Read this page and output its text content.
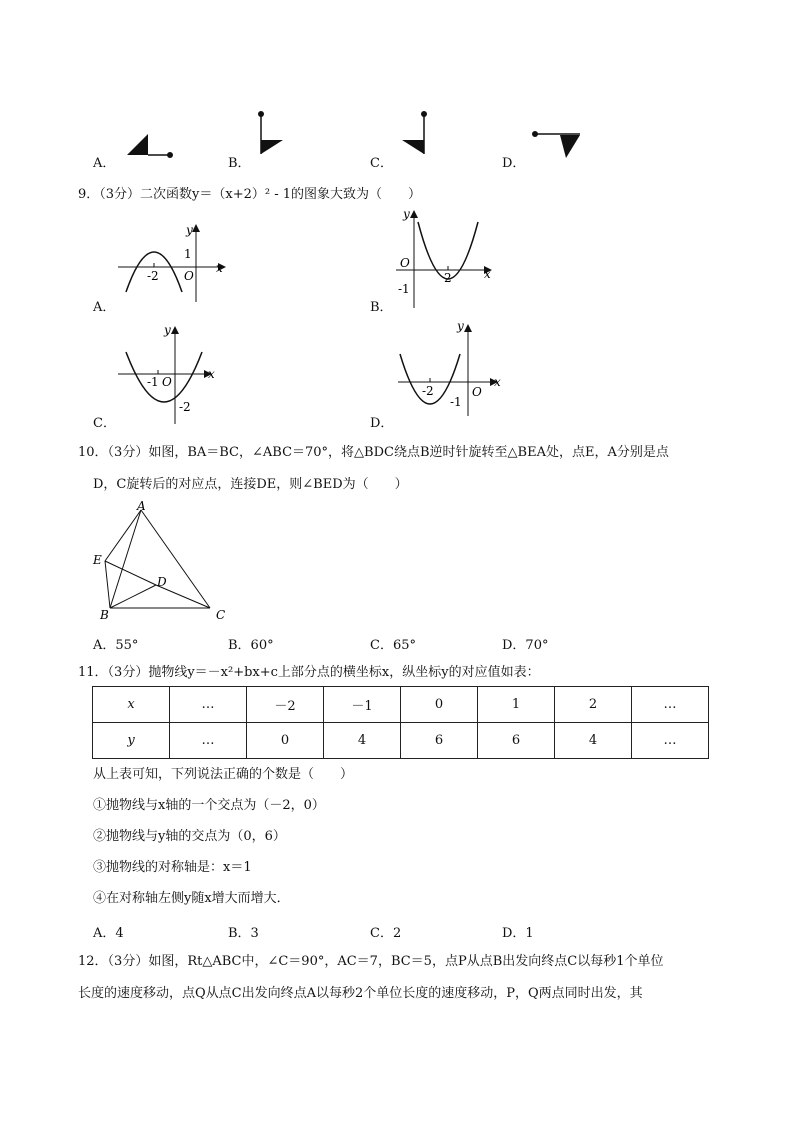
A．	B．	C．	D．
9．（3分）二次函数y＝（x+2）² - 1的图象大致为（　　）
-2
1
O
x
y
A．
2
-1
O
x
y
B．
-1
-2
O
x
y
C．
-2
-1
O
x
y
D．
10．（3分）如图，BA＝BC，∠ABC＝70°，将△BDC绕点B逆时针旋转至△BEA处，点E，A分别是点
D，C旋转后的对应点，连接DE，则∠BED为（　　）
A
E
D
B	C
A．55°	B．60°	C．65°	D．70°
11．（3分）抛物线y＝－x²+bx+c上部分点的横坐标x，纵坐标y的对应值如表：
x	…	－2	－1	0	1	2	…
y	…	0	4	6	6	4	…
从上表可知，下列说法正确的个数是（　　）
①抛物线与x轴的一个交点为（－2，0）
②抛物线与y轴的交点为（0，6）
③抛物线的对称轴是：x＝1
④在对称轴左侧y随x增大而增大．
A．4	B．3	C．2	D．1
12．（3分）如图，Rt△ABC中，∠C＝90°，AC＝7，BC＝5，点P从点B出发向终点C以每秒1个单位
长度的速度移动，点Q从点C出发向终点A以每秒2个单位长度的速度移动，P，Q两点同时出发，其
